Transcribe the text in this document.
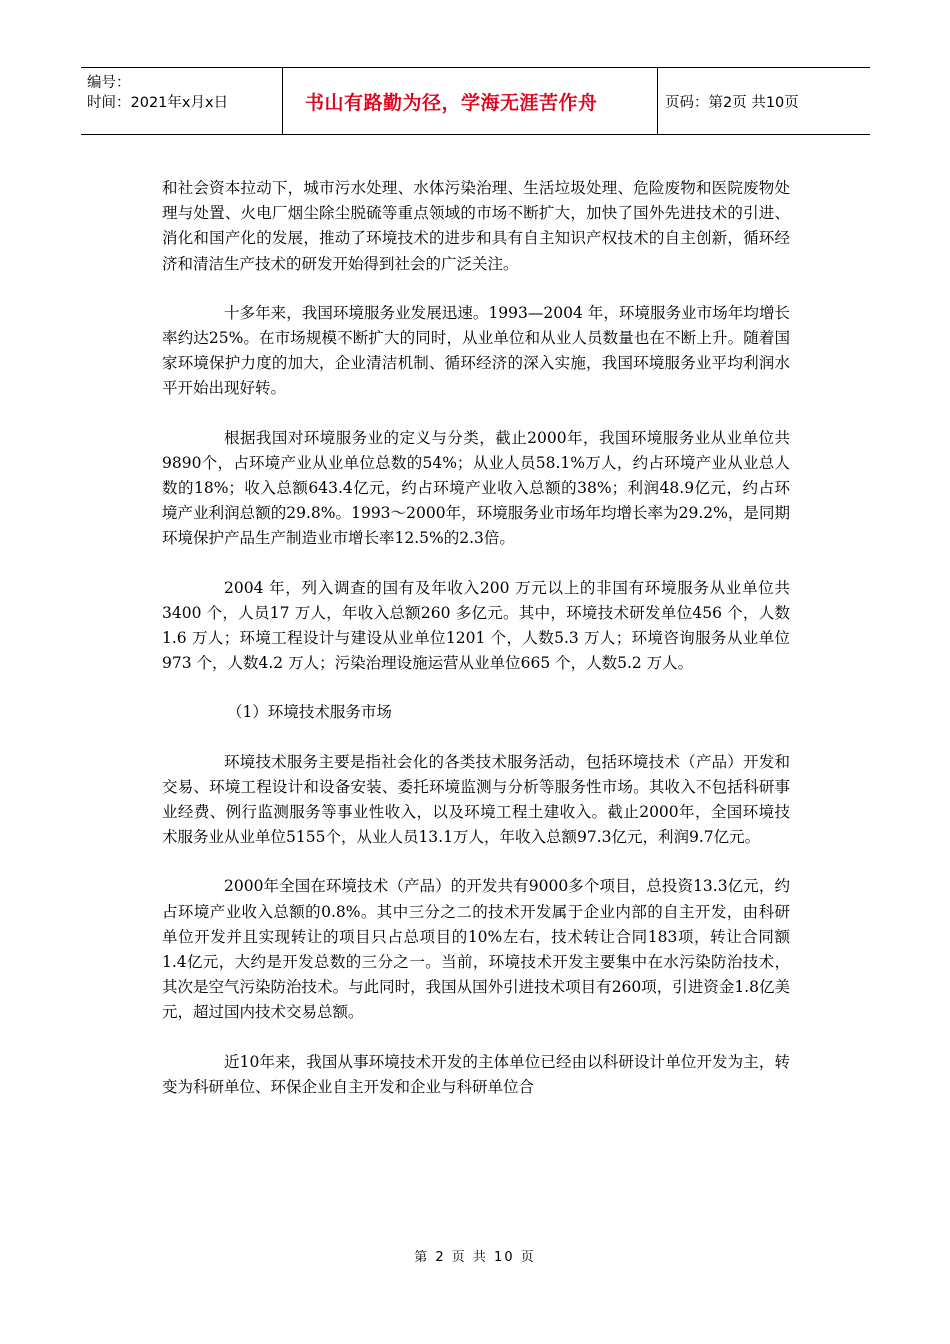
编号：
时间：2021年x月x日	书山有路勤为径，学海无涯苦作舟	页码：第2页 共10页

和社会资本拉动下，城市污水处理、水体污染治理、生活垃圾处理、危险废物和医院废物处理与处置、火电厂烟尘除尘脱硫等重点领域的市场不断扩大，加快了国外先进技术的引进、消化和国产化的发展，推动了环境技术的进步和具有自主知识产权技术的自主创新，循环经济和清洁生产技术的研发开始得到社会的广泛关注。

十多年来，我国环境服务业发展迅速。1993—2004 年，环境服务业市场年均增长率约达25%。在市场规模不断扩大的同时，从业单位和从业人员数量也在不断上升。随着国家环境保护力度的加大，企业清洁机制、循环经济的深入实施，我国环境服务业平均利润水平开始出现好转。

根据我国对环境服务业的定义与分类，截止2000年，我国环境服务业从业单位共9890个，占环境产业从业单位总数的54%；从业人员58.1%万人，约占环境产业从业总人数的18%；收入总额643.4亿元，约占环境产业收入总额的38%；利润48.9亿元，约占环境产业利润总额的29.8%。1993～2000年，环境服务业市场年均增长率为29.2%，是同期环境保护产品生产制造业市增长率12.5%的2.3倍。

2004 年，列入调查的国有及年收入200 万元以上的非国有环境服务从业单位共3400 个，人员17 万人，年收入总额260 多亿元。其中，环境技术研发单位456 个，人数1.6 万人；环境工程设计与建设从业单位1201 个，人数5.3 万人；环境咨询服务从业单位973 个，人数4.2 万人；污染治理设施运营从业单位665 个，人数5.2 万人。

（1）环境技术服务市场

环境技术服务主要是指社会化的各类技术服务活动，包括环境技术（产品）开发和交易、环境工程设计和设备安装、委托环境监测与分析等服务性市场。其收入不包括科研事业经费、例行监测服务等事业性收入，以及环境工程土建收入。截止2000年，全国环境技术服务业从业单位5155个，从业人员13.1万人，年收入总额97.3亿元，利润9.7亿元。

2000年全国在环境技术（产品）的开发共有9000多个项目，总投资13.3亿元，约占环境产业收入总额的0.8%。其中三分之二的技术开发属于企业内部的自主开发，由科研单位开发并且实现转让的项目只占总项目的10%左右，技术转让合同183项，转让合同额1.4亿元，大约是开发总数的三分之一。当前，环境技术开发主要集中在水污染防治技术，其次是空气污染防治技术。与此同时，我国从国外引进技术项目有260项，引进资金1.8亿美元，超过国内技术交易总额。

近10年来，我国从事环境技术开发的主体单位已经由以科研设计单位开发为主，转变为科研单位、环保企业自主开发和企业与科研单位合

第 2 页 共 10 页
